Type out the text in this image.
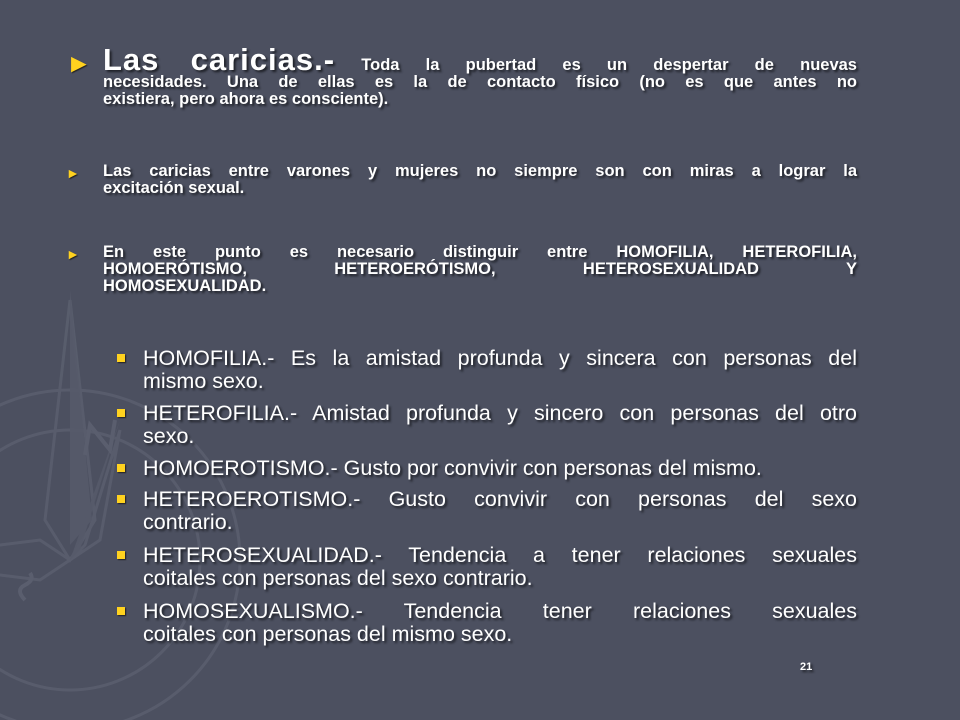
► Las caricias.- Toda la pubertad es un despertar de nuevas
necesidades. Una de ellas es la de contacto físico (no es que antes no
existiera, pero ahora es consciente).
► Las caricias entre varones y mujeres no siempre son con miras a lograr la
excitación sexual.
► En este punto es necesario distinguir entre HOMOFILIA, HETEROFILIA,
HOMOERÓTISMO, HETEROERÓTISMO, HETEROSEXUALIDAD Y
HOMOSEXUALIDAD.
HOMOFILIA.- Es la amistad profunda y sincera con personas del
mismo sexo.
HETEROFILIA.- Amistad profunda y sincero con personas del otro
sexo.
HOMOEROTISMO.- Gusto por convivir con personas del mismo.
HETEROEROTISMO.- Gusto convivir con personas del sexo
contrario.
HETEROSEXUALIDAD.- Tendencia a tener relaciones sexuales
coitales con personas del sexo contrario.
HOMOSEXUALISMO.- Tendencia tener relaciones sexuales
coitales con personas del mismo sexo.
21
